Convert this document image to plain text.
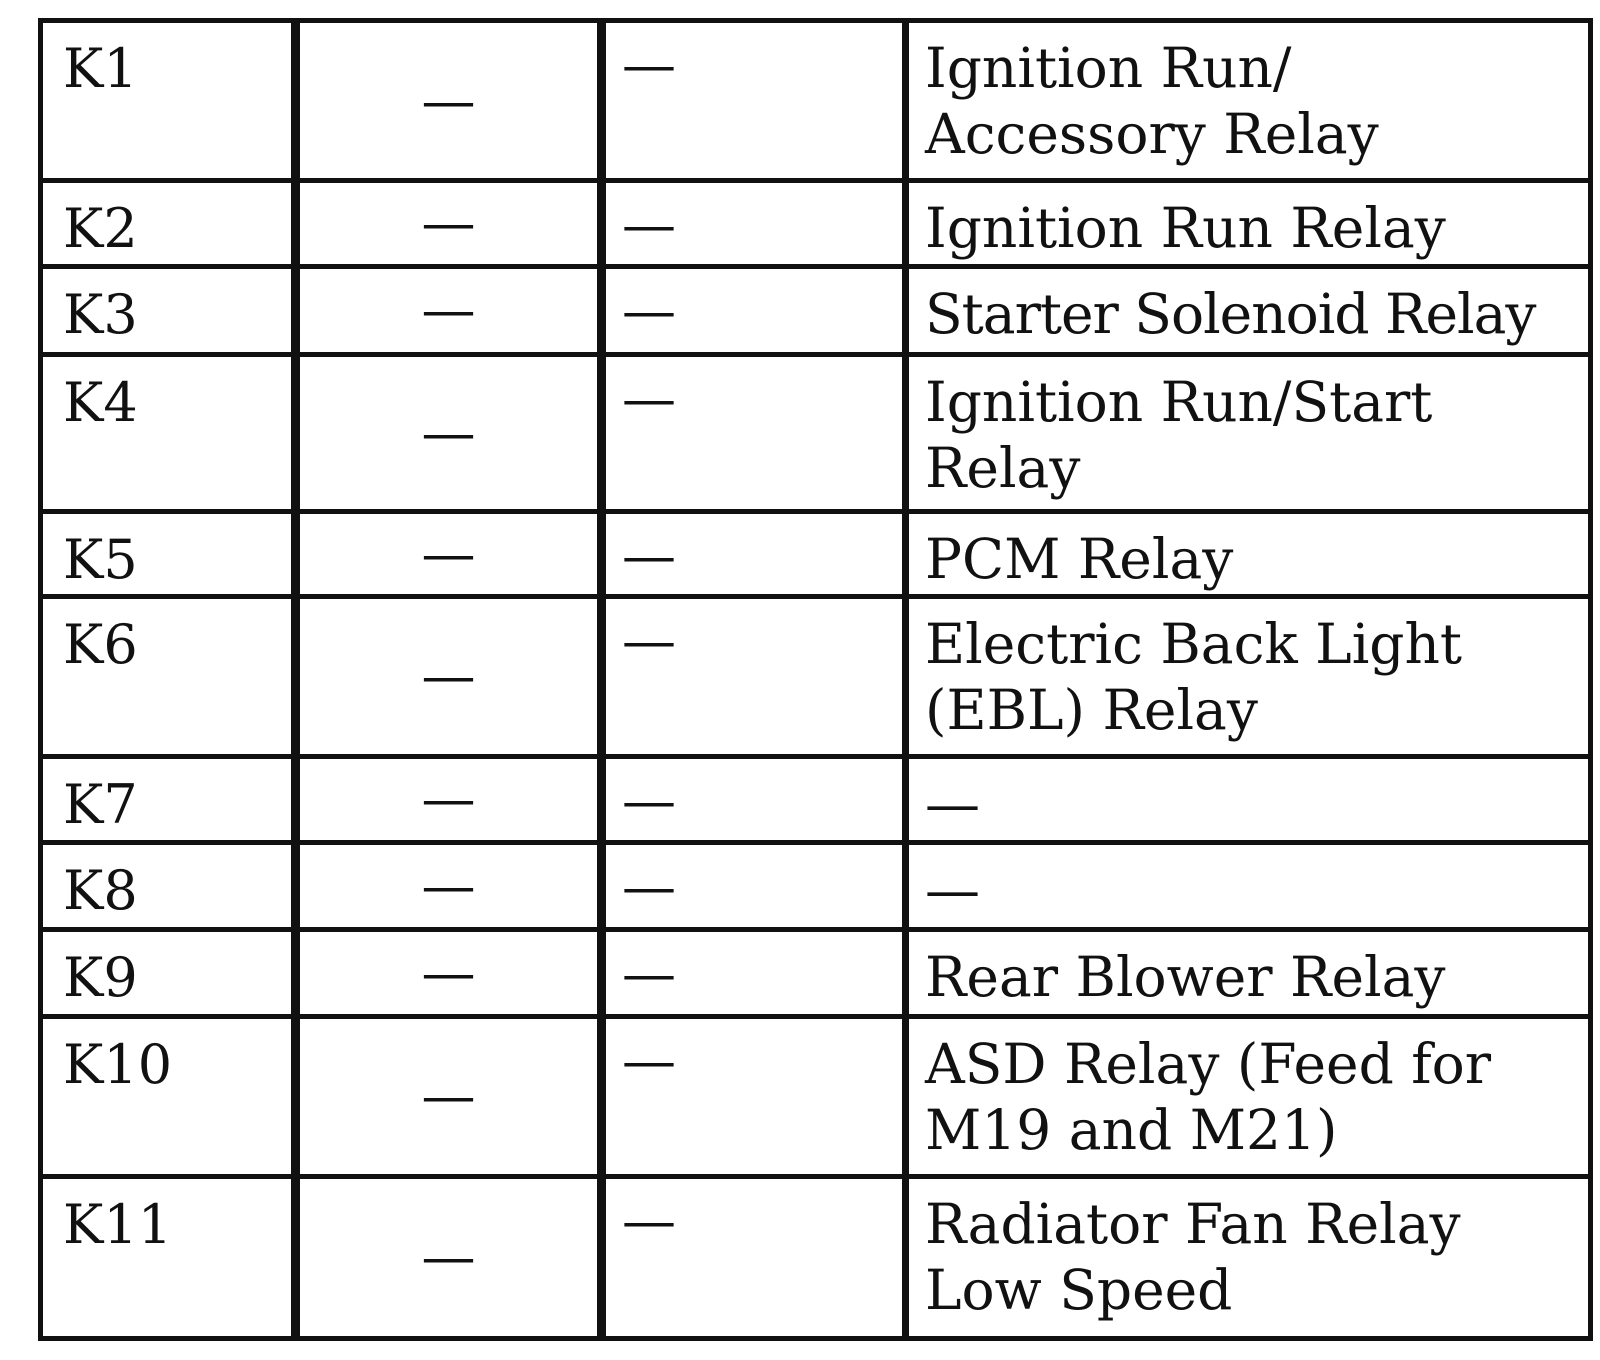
K1	—	—	Ignition Run/ Accessory Relay
K2	—	—	Ignition Run Relay
K3	—	—	Starter Solenoid Relay
K4	—	—	Ignition Run/Start Relay
K5	—	—	PCM Relay
K6	—	—	Electric Back Light (EBL) Relay
K7	—	—	—
K8	—	—	—
K9	—	—	Rear Blower Relay
K10	—	—	ASD Relay (Feed for M19 and M21)
K11	—	—	Radiator Fan Relay Low Speed
